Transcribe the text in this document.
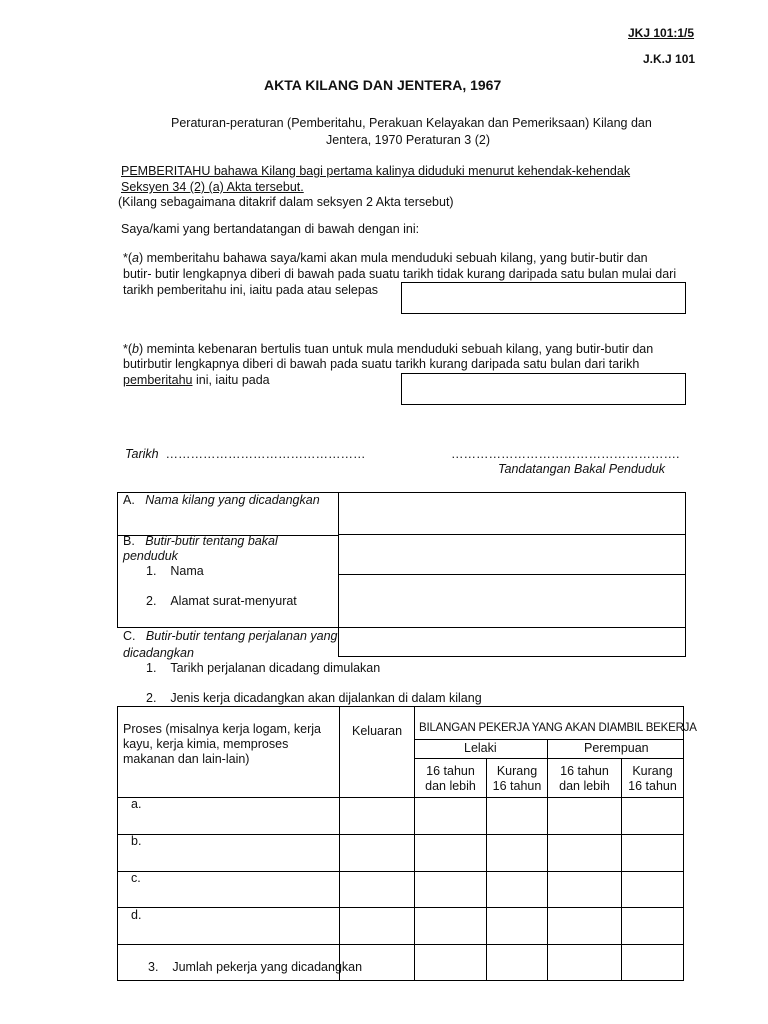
JKJ 101:1/5
J.K.J 101
AKTA KILANG DAN JENTERA, 1967
Peraturan-peraturan (Pemberitahu, Perakuan Kelayakan dan Pemeriksaan) Kilang dan
Jentera, 1970 Peraturan 3 (2)
PEMBERITAHU bahawa Kilang bagi pertama kalinya diduduki menurut kehendak-kehendak
Seksyen 34 (2) (a) Akta tersebut.
(Kilang sebagaimana ditakrif dalam seksyen 2 Akta tersebut)
Saya/kami yang bertandatangan di bawah dengan ini:
*(a) memberitahu bahawa saya/kami akan mula menduduki sebuah kilang, yang butir-butir dan
butir- butir lengkapnya diberi di bawah pada suatu tarikh tidak kurang daripada satu bulan mulai dari
tarikh pemberitahu ini, iaitu pada atau selepas
*(b) meminta kebenaran bertulis tuan untuk mula menduduki sebuah kilang, yang butir-butir dan
butirbutir lengkapnya diberi di bawah pada suatu tarikh kurang daripada satu bulan dari tarikh
pemberitahu ini, iaitu pada
Tarikh …………………………………………	……………………………………………….
Tandatangan Bakal Penduduk
A. Nama kilang yang dicadangkan
B. Butir-butir tentang bakal
penduduk
1. Nama
2. Alamat surat-menyurat
C. Butir-butir tentang perjalanan yang
dicadangkan
1. Tarikh perjalanan dicadang dimulakan
2. Jenis kerja dicadangkan akan dijalankan di dalam kilang
Proses (misalnya kerja logam, kerja
kayu, kerja kimia, memproses
makanan dan lain-lain)
Keluaran BILANGAN PEKERJA YANG AKAN DIAMBIL BEKERJA
Lelaki	Perempuan
16 tahun
dan lebih
Kurang
16 tahun
16 tahun
dan lebih
Kurang
16 tahun
a.
b.
c.
d.
3. Jumlah pekerja yang dicadangkan
